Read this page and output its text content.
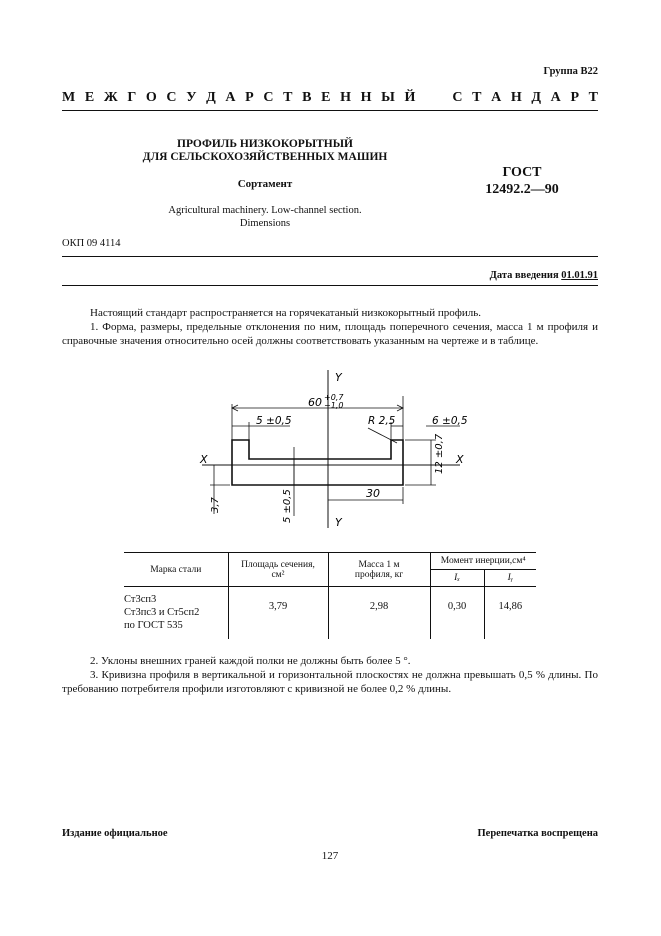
Группа В22
М Е Ж Г О С У Д А Р С Т В Е Н Н Ы Й	С Т А Н Д А Р Т
ПРОФИЛЬ НИЗКОКОРЫТНЫЙ
ДЛЯ СЕЛЬСКОХОЗЯЙСТВЕННЫХ МАШИН
Сортамент
Agricultural machinery. Low-channel section.
Dimensions
ГОСТ
12492.2—90
ОКП 09 4114
Дата введения 01.01.91
Настоящий стандарт распространяется на горячекатаный низкокорытный профиль.
1. Форма, размеры, предельные отклонения по ним, площадь поперечного сечения, масса 1 м профиля и справочные значения относительно осей должны соответствовать указанным на чертеже и в таблице.
Y
Y
X	X
60 +0,7
−1,0
5 ±0,5	R 2,5	6 ±0,5
12 ±0,7
3,7	5 ±0,5	30
Марка стали	Площадь сечения, см²	Масса 1 м профиля, кг	Момент инерции,см⁴	
			Iₓ	Iᵧ

Ст3сп3
Ст3пс3 и Ст5сп2
по ГОСТ 535	3,79	2,98	0,30	14,86
2. Уклоны внешних граней каждой полки не должны быть более 5 °.
3. Кривизна профиля в вертикальной и горизонтальной плоскостях не должна превышать 0,5 % длины. По требованию потребителя профили изготовляют с кривизной не более 0,2 % длины.
Издание официальное	Перепечатка воспрещена
127
